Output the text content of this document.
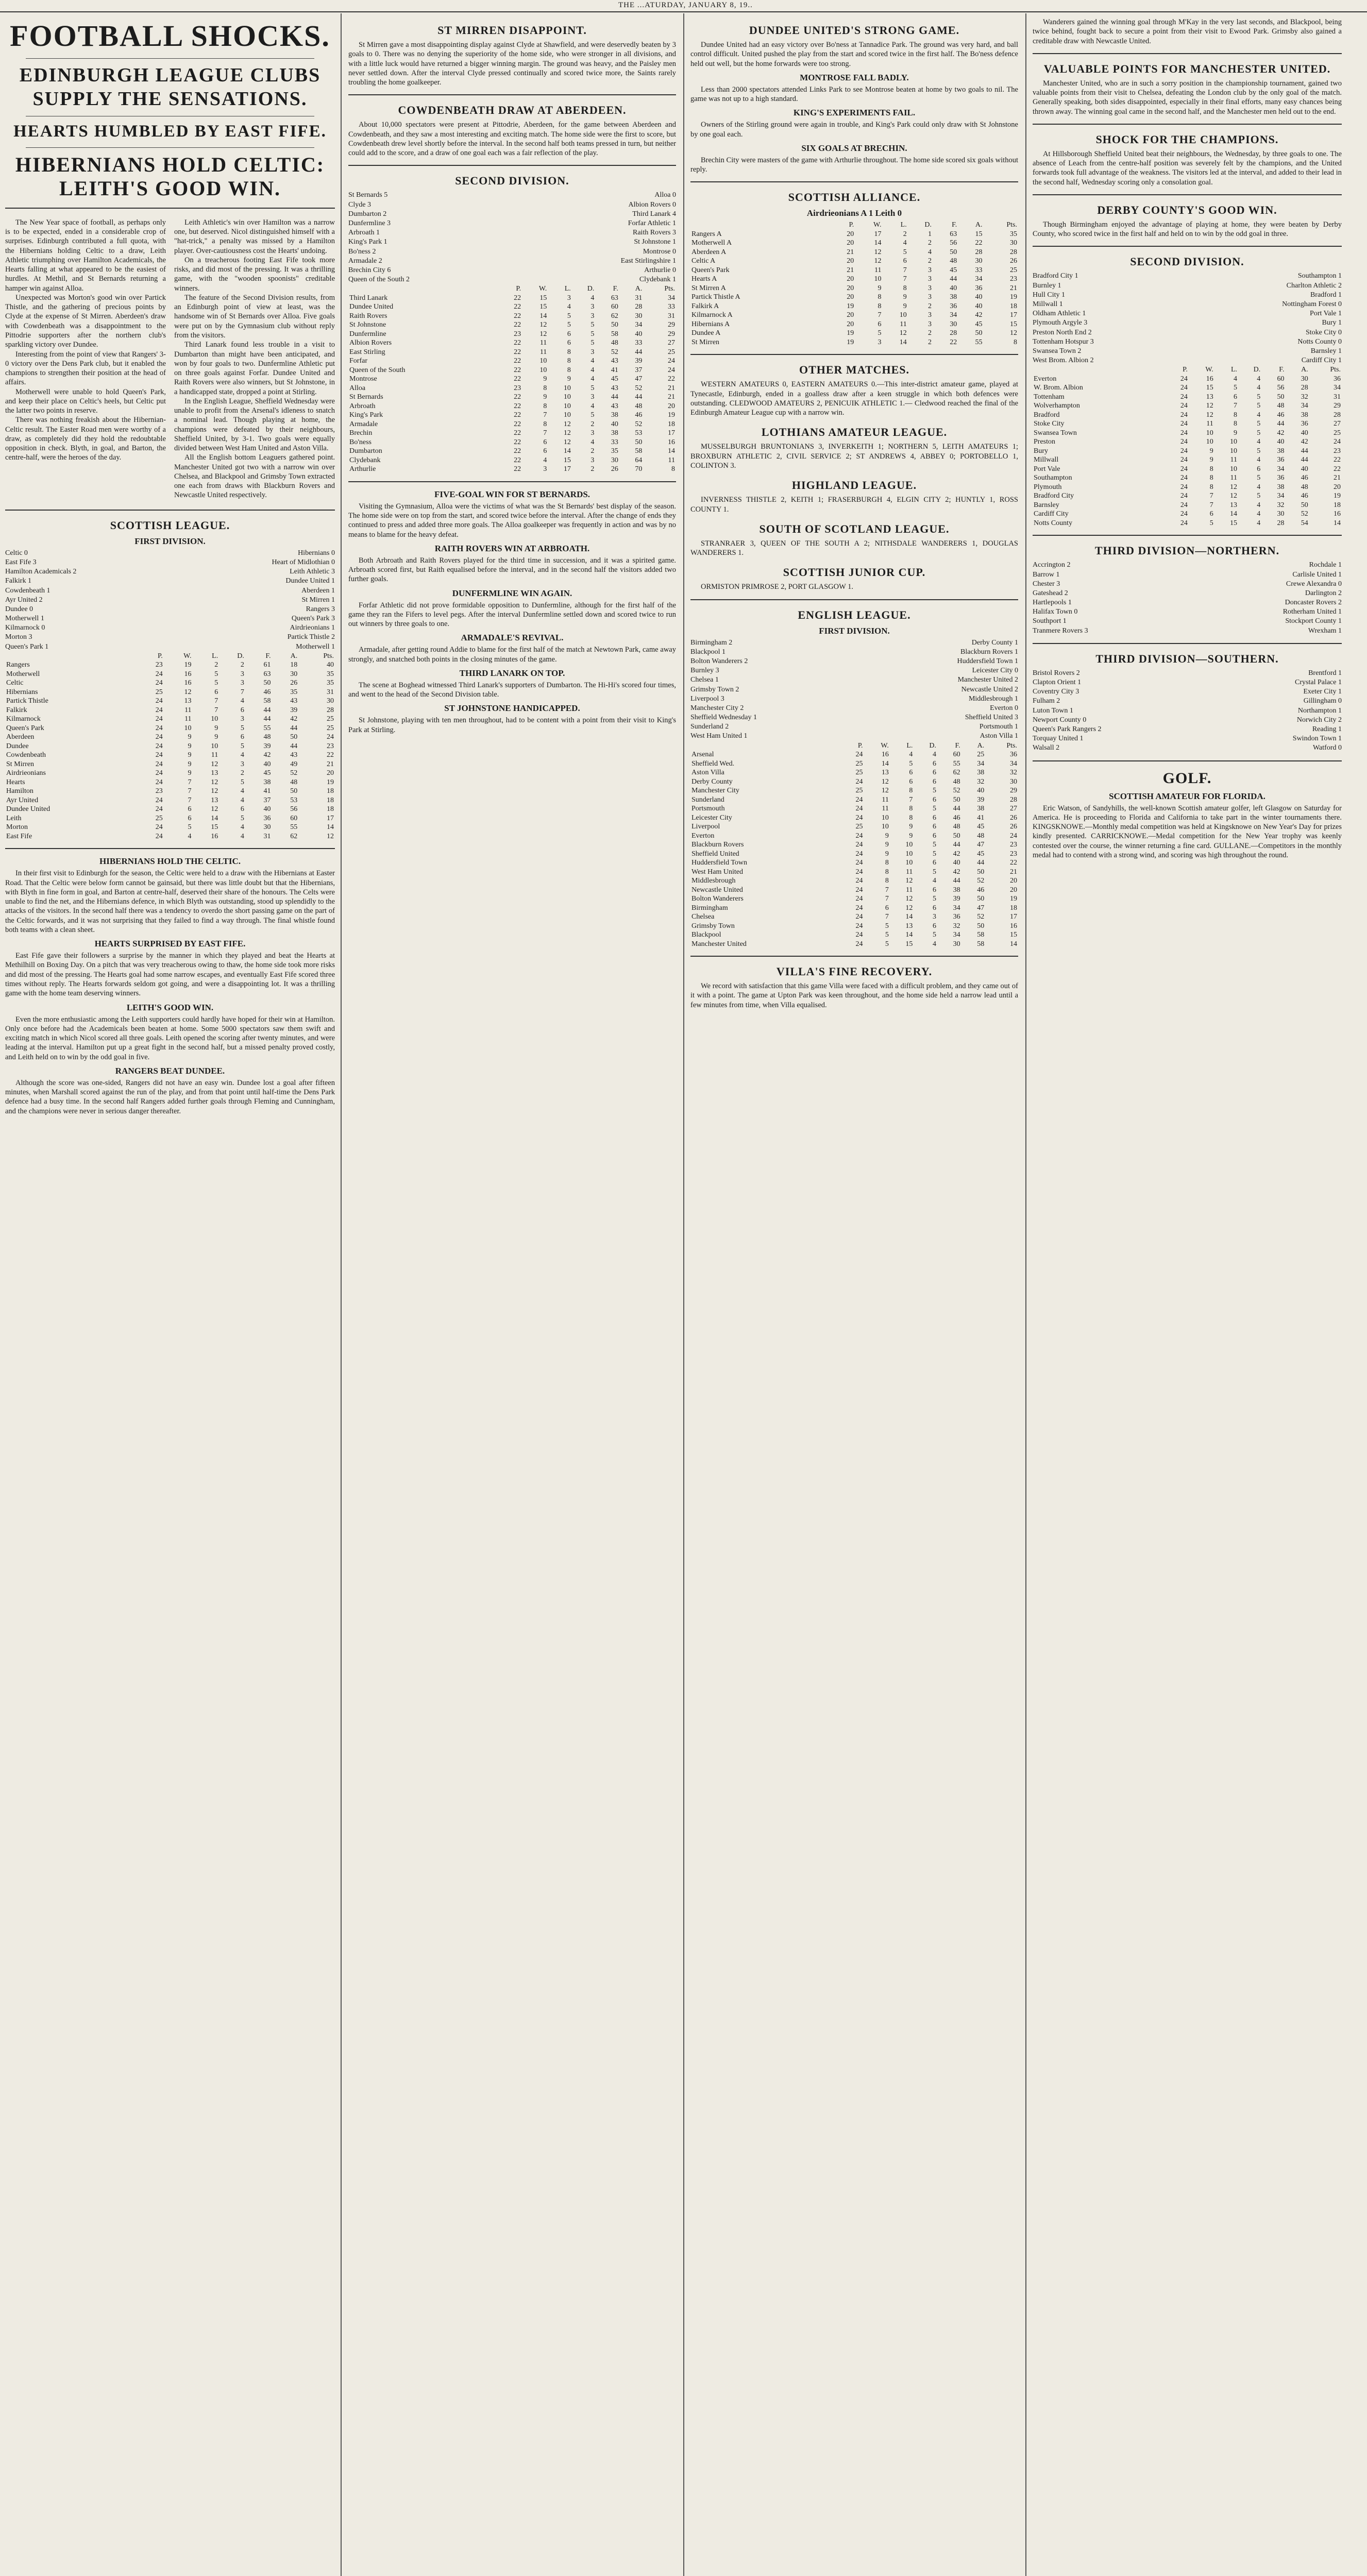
THE ...ATURDAY, JANUARY 8, 19..
FOOTBALL SHOCKS.
EDINBURGH LEAGUE CLUBS SUPPLY THE SENSATIONS.
HEARTS HUMBLED BY EAST FIFE.
HIBERNIANS HOLD CELTIC: LEITH'S GOOD WIN.

The New Year space of football, as perhaps only is to be expected, ended in a considerable crop of surprises. Edinburgh contributed a full quota, with the Hibernians holding Celtic to a draw, Leith Athletic triumphing over Hamilton Academicals, the Hearts falling at what appeared to be the easiest of hurdles. At Methil, and St Bernards returning a hamper win against Alloa.

Unexpected was Morton's good win over Partick Thistle, and the gathering of precious points by Clyde at the expense of St Mirren. Aberdeen's draw with Cowdenbeath was a disappointment to the Pittodrie supporters after the northern club's sparkling victory over Dundee.

Interesting from the point of view that Rangers' 3-0 victory over the Dens Park club, but it enabled the champions to strengthen their position at the head of affairs.

Motherwell were unable to hold Queen's Park, and keep their place on Celtic's heels, but Celtic put the latter two points in reserve.

There was nothing freakish about the Hibernian-Celtic result. The Easter Road men were worthy of a draw, as completely did they hold the redoubtable opposition in check. Blyth, in goal, and Barton, the centre-half, were the heroes of the day.

Leith Athletic's win over Hamilton was a narrow one, but deserved. Nicol distinguished himself with a "hat-trick," a penalty was missed by a Hamilton player. Over-cautiousness cost the Hearts' undoing.

On a treacherous footing East Fife took more risks, and did most of the pressing. It was a thrilling game, with the "wooden spoonists" creditable winners.

The feature of the Second Division results, from an Edinburgh point of view at least, was the handsome win of St Bernards over Alloa. Five goals were put on by the Gymnasium club without reply from the visitors.

Third Lanark found less trouble in a visit to Dumbarton than might have been anticipated, and won by four goals to two. Dunfermline Athletic put on three goals against Forfar. Dundee United and Raith Rovers were also winners, but St Johnstone, in a handicapped state, dropped a point at Stirling.

In the English League, Sheffield Wednesday were unable to profit from the Arsenal's idleness to snatch a nominal lead. Though playing at home, the champions were defeated by their neighbours, Sheffield United, by 3-1. Two goals were equally divided between West Ham United and Aston Villa.

All the English bottom Leaguers gathered point. Manchester United got two with a narrow win over Chelsea, and Blackpool and Grimsby Town extracted one each from draws with Blackburn Rovers and Newcastle United respectively.

SCOTTISH LEAGUE.
FIRST DIVISION.
Celtic 0	Hibernians 0
East Fife 3	Heart of Midlothian 0
Hamilton Academicals 2	Leith Athletic 3
Falkirk 1	Dundee United 1
Cowdenbeath 1	Aberdeen 1
Ayr United 2	St Mirren 1
Dundee 0	Rangers 3
Motherwell 1	Queen's Park 3
Kilmarnock 0	Airdrieonians 1
Morton 3	Partick Thistle 2
Queen's Park 1	Motherwell 1
	P.	W.	L.	D.	F.	A.	Pts.
Rangers	23	19	2	2	61	18	40
Motherwell	24	16	5	3	63	30	35
Celtic	24	16	5	3	50	26	35
Hibernians	25	12	6	7	46	35	31
Partick Thistle	24	13	7	4	58	43	30
Falkirk	24	11	7	6	44	39	28
Kilmarnock	24	11	10	3	44	42	25
Queen's Park	24	10	9	5	55	44	25
Aberdeen	24	9	9	6	48	50	24
Dundee	24	9	10	5	39	44	23
Cowdenbeath	24	9	11	4	42	43	22
St Mirren	24	9	12	3	40	49	21
Airdrieonians	24	9	13	2	45	52	20
Hearts	24	7	12	5	38	48	19
Hamilton	23	7	12	4	41	50	18
Ayr United	24	7	13	4	37	53	18
Dundee United	24	6	12	6	40	56	18
Leith	25	6	14	5	36	60	17
Morton	24	5	15	4	30	55	14
East Fife	24	4	16	4	31	62	12
HIBERNIANS HOLD THE CELTIC.

In their first visit to Edinburgh for the season, the Celtic were held to a draw with the Hibernians at Easter Road. That the Celtic were below form cannot be gainsaid, but there was little doubt but that the Hibernians, with Blyth in fine form in goal, and Barton at centre-half, deserved their share of the honours. The Celts were unable to find the net, and the Hibernians defence, in which Blyth was outstanding, stood up splendidly to the attacks of the visitors. In the second half there was a tendency to overdo the short passing game on the part of the Celtic forwards, and it was not surprising that they failed to find a way through. The final whistle found both teams with a clean sheet.

HEARTS SURPRISED BY EAST FIFE.

East Fife gave their followers a surprise by the manner in which they played and beat the Hearts at Methilhill on Boxing Day. On a pitch that was very treacherous owing to thaw, the home side took more risks and did most of the pressing. The Hearts goal had some narrow escapes, and eventually East Fife scored three times without reply. The Hearts forwards seldom got going, and were a disappointing lot. It was a thrilling game with the home team deserving winners.

LEITH'S GOOD WIN.

Even the more enthusiastic among the Leith supporters could hardly have hoped for their win at Hamilton. Only once before had the Academicals been beaten at home. Some 5000 spectators saw them swift and exciting match in which Nicol scored all three goals. Leith opened the scoring after twenty minutes, and were leading at the interval. Hamilton put up a great fight in the second half, but a missed penalty proved costly, and Leith held on to win by the odd goal in five.

RANGERS BEAT DUNDEE.

Although the score was one-sided, Rangers did not have an easy win. Dundee lost a goal after fifteen minutes, when Marshall scored against the run of the play, and from that point until half-time the Dens Park defence had a busy time. In the second half Rangers added further goals through Fleming and Cunningham, and the champions were never in serious danger thereafter.

ST MIRREN DISAPPOINT.

St Mirren gave a most disappointing display against Clyde at Shawfield, and were deservedly beaten by 3 goals to 0. There was no denying the superiority of the home side, who were stronger in all divisions, and with a little luck would have returned a bigger winning margin. The ground was heavy, and the Paisley men never settled down. After the interval Clyde pressed continually and scored twice more, the Saints rarely troubling the home goalkeeper.

COWDENBEATH DRAW AT ABERDEEN.

About 10,000 spectators were present at Pittodrie, Aberdeen, for the game between Aberdeen and Cowdenbeath, and they saw a most interesting and exciting match. The home side were the first to score, but Cowdenbeath drew level shortly before the interval. In the second half both teams pressed in turn, but neither could add to the score, and a draw of one goal each was a fair reflection of the play.

SECOND DIVISION.
St Bernards 5	Alloa 0
Clyde 3	Albion Rovers 0
Dumbarton 2	Third Lanark 4
Dunfermline 3	Forfar Athletic 1
Arbroath 1	Raith Rovers 3
King's Park 1	St Johnstone 1
Bo'ness 2	Montrose 0
Armadale 2	East Stirlingshire 1
Brechin City 6	Arthurlie 0
Queen of the South 2	Clydebank 1
	P.	W.	L.	D.	F.	A.	Pts.
Third Lanark	22	15	3	4	63	31	34
Dundee United	22	15	4	3	60	28	33
Raith Rovers	22	14	5	3	62	30	31
St Johnstone	22	12	5	5	50	34	29
Dunfermline	23	12	6	5	58	40	29
Albion Rovers	22	11	6	5	48	33	27
East Stirling	22	11	8	3	52	44	25
Forfar	22	10	8	4	43	39	24
Queen of the South	22	10	8	4	41	37	24
Montrose	22	9	9	4	45	47	22
Alloa	23	8	10	5	43	52	21
St Bernards	22	9	10	3	44	44	21
Arbroath	22	8	10	4	43	48	20
King's Park	22	7	10	5	38	46	19
Armadale	22	8	12	2	40	52	18
Brechin	22	7	12	3	38	53	17
Bo'ness	22	6	12	4	33	50	16
Dumbarton	22	6	14	2	35	58	14
Clydebank	22	4	15	3	30	64	11
Arthurlie	22	3	17	2	26	70	8
FIVE-GOAL WIN FOR ST BERNARDS.

Visiting the Gymnasium, Alloa were the victims of what was the St Bernards' best display of the season. The home side were on top from the start, and scored twice before the interval. After the change of ends they continued to press and added three more goals. The Alloa goalkeeper was frequently in action and was by no means to blame for the heavy defeat.

RAITH ROVERS WIN AT ARBROATH.

Both Arbroath and Raith Rovers played for the third time in succession, and it was a spirited game. Arbroath scored first, but Raith equalised before the interval, and in the second half the visitors added two further goals.

DUNFERMLINE WIN AGAIN.

Forfar Athletic did not prove formidable opposition to Dunfermline, although for the first half of the game they ran the Fifers to level pegs. After the interval Dunfermline settled down and scored twice to run out winners by three goals to one.

ARMADALE'S REVIVAL.

Armadale, after getting round Addie to blame for the first half of the match at Newtown Park, came away strongly, and snatched both points in the closing minutes of the game.

THIRD LANARK ON TOP.

The scene at Boghead witnessed Third Lanark's supporters of Dumbarton. The Hi-Hi's scored four times, and went to the head of the Second Division table.

ST JOHNSTONE HANDICAPPED.

St Johnstone, playing with ten men throughout, had to be content with a point from their visit to King's Park at Stirling.

DUNDEE UNITED'S STRONG GAME.

Dundee United had an easy victory over Bo'ness at Tannadice Park. The ground was very hard, and ball control difficult. United pushed the play from the start and scored twice in the first half. The Bo'ness defence held out well, but the home forwards were too strong.

MONTROSE FALL BADLY.

Less than 2000 spectators attended Links Park to see Montrose beaten at home by two goals to nil. The game was not up to a high standard.

KING'S EXPERIMENTS FAIL.

Owners of the Stirling ground were again in trouble, and King's Park could only draw with St Johnstone by one goal each.

SIX GOALS AT BRECHIN.

Brechin City were masters of the game with Arthurlie throughout. The home side scored six goals without reply.

SCOTTISH ALLIANCE.
Airdrieonians A 1 Leith 0
	P.	W.	L.	D.	F.	A.	Pts.
Rangers A	20	17	2	1	63	15	35
Motherwell A	20	14	4	2	56	22	30
Aberdeen A	21	12	5	4	50	28	28
Celtic A	20	12	6	2	48	30	26
Queen's Park	21	11	7	3	45	33	25
Hearts A	20	10	7	3	44	34	23
St Mirren A	20	9	8	3	40	36	21
Partick Thistle A	20	8	9	3	38	40	19
Falkirk A	19	8	9	2	36	40	18
Kilmarnock A	20	7	10	3	34	42	17
Hibernians A	20	6	11	3	30	45	15
Dundee A	19	5	12	2	28	50	12
St Mirren	19	3	14	2	22	55	8
OTHER MATCHES.

WESTERN AMATEURS 0, EASTERN AMATEURS 0.—This inter-district amateur game, played at Tynecastle, Edinburgh, ended in a goalless draw after a keen struggle in which both defences were outstanding. CLEDWOOD AMATEURS 2, PENICUIK ATHLETIC 1.— Cledwood reached the final of the Edinburgh Amateur League cup with a narrow win.

LOTHIANS AMATEUR LEAGUE.

MUSSELBURGH BRUNTONIANS 3, INVERKEITH 1; NORTHERN 5, LEITH AMATEURS 1; BROXBURN ATHLETIC 2, CIVIL SERVICE 2; ST ANDREWS 4, ABBEY 0; PORTOBELLO 1, COLINTON 3.

HIGHLAND LEAGUE.

INVERNESS THISTLE 2, KEITH 1; FRASERBURGH 4, ELGIN CITY 2; HUNTLY 1, ROSS COUNTY 1.

SOUTH OF SCOTLAND LEAGUE.

STRANRAER 3, QUEEN OF THE SOUTH A 2; NITHSDALE WANDERERS 1, DOUGLAS WANDERERS 1.

SCOTTISH JUNIOR CUP.

ORMISTON PRIMROSE 2, PORT GLASGOW 1.

ENGLISH LEAGUE.
FIRST DIVISION.
Birmingham 2	Derby County 1
Blackpool 1	Blackburn Rovers 1
Bolton Wanderers 2	Huddersfield Town 1
Burnley 3	Leicester City 0
Chelsea 1	Manchester United 2
Grimsby Town 2	Newcastle United 2
Liverpool 3	Middlesbrough 1
Manchester City 2	Everton 0
Sheffield Wednesday 1	Sheffield United 3
Sunderland 2	Portsmouth 1
West Ham United 1	Aston Villa 1
	P.	W.	L.	D.	F.	A.	Pts.
Arsenal	24	16	4	4	60	25	36
Sheffield Wed.	25	14	5	6	55	34	34
Aston Villa	25	13	6	6	62	38	32
Derby County	24	12	6	6	48	32	30
Manchester City	25	12	8	5	52	40	29
Sunderland	24	11	7	6	50	39	28
Portsmouth	24	11	8	5	44	38	27
Leicester City	24	10	8	6	46	41	26
Liverpool	25	10	9	6	48	45	26
Everton	24	9	9	6	50	48	24
Blackburn Rovers	24	9	10	5	44	47	23
Sheffield United	24	9	10	5	42	45	23
Huddersfield Town	24	8	10	6	40	44	22
West Ham United	24	8	11	5	42	50	21
Middlesbrough	24	8	12	4	44	52	20
Newcastle United	24	7	11	6	38	46	20
Bolton Wanderers	24	7	12	5	39	50	19
Birmingham	24	6	12	6	34	47	18
Chelsea	24	7	14	3	36	52	17
Grimsby Town	24	5	13	6	32	50	16
Blackpool	24	5	14	5	34	58	15
Manchester United	24	5	15	4	30	58	14
VILLA'S FINE RECOVERY.

We record with satisfaction that this game Villa were faced with a difficult problem, and they came out of it with a point. The game at Upton Park was keen throughout, and the home side held a narrow lead until a few minutes from time, when Villa equalised.

Wanderers gained the winning goal through M'Kay in the very last seconds, and Blackpool, being twice behind, fought back to secure a point from their visit to Ewood Park. Grimsby also gained a creditable draw with Newcastle United.

VALUABLE POINTS FOR MANCHESTER UNITED.

Manchester United, who are in such a sorry position in the championship tournament, gained two valuable points from their visit to Chelsea, defeating the London club by the only goal of the match. Generally speaking, both sides disappointed, especially in their final efforts, many easy chances being thrown away. The winning goal came in the second half, and the Manchester men held out to the end.

SHOCK FOR THE CHAMPIONS.

At Hillsborough Sheffield United beat their neighbours, the Wednesday, by three goals to one. The absence of Leach from the centre-half position was severely felt by the champions, and the United forwards took full advantage of the weakness. The visitors led at the interval, and added to their lead in the second half, Wednesday scoring only a consolation goal.

DERBY COUNTY'S GOOD WIN.

Though Birmingham enjoyed the advantage of playing at home, they were beaten by Derby County, who scored twice in the first half and held on to win by the odd goal in three.

SECOND DIVISION.
Bradford City 1	Southampton 1
Burnley 1	Charlton Athletic 2
Hull City 1	Bradford 1
Millwall 1	Nottingham Forest 0
Oldham Athletic 1	Port Vale 1
Plymouth Argyle 3	Bury 1
Preston North End 2	Stoke City 0
Tottenham Hotspur 3	Notts County 0
Swansea Town 2	Barnsley 1
West Brom. Albion 2	Cardiff City 1
	P.	W.	L.	D.	F.	A.	Pts.
Everton	24	16	4	4	60	30	36
W. Brom. Albion	24	15	5	4	56	28	34
Tottenham	24	13	6	5	50	32	31
Wolverhampton	24	12	7	5	48	34	29
Bradford	24	12	8	4	46	38	28
Stoke City	24	11	8	5	44	36	27
Swansea Town	24	10	9	5	42	40	25
Preston	24	10	10	4	40	42	24
Bury	24	9	10	5	38	44	23
Millwall	24	9	11	4	36	44	22
Port Vale	24	8	10	6	34	40	22
Southampton	24	8	11	5	36	46	21
Plymouth	24	8	12	4	38	48	20
Bradford City	24	7	12	5	34	46	19
Barnsley	24	7	13	4	32	50	18
Cardiff City	24	6	14	4	30	52	16
Notts County	24	5	15	4	28	54	14
THIRD DIVISION—NORTHERN.
Accrington 2	Rochdale 1
Barrow 1	Carlisle United 1
Chester 3	Crewe Alexandra 0
Gateshead 2	Darlington 2
Hartlepools 1	Doncaster Rovers 2
Halifax Town 0	Rotherham United 1
Southport 1	Stockport County 1
Tranmere Rovers 3	Wrexham 1
THIRD DIVISION—SOUTHERN.
Bristol Rovers 2	Brentford 1
Clapton Orient 1	Crystal Palace 1
Coventry City 3	Exeter City 1
Fulham 2	Gillingham 0
Luton Town 1	Northampton 1
Newport County 0	Norwich City 2
Queen's Park Rangers 2	Reading 1
Torquay United 1	Swindon Town 1
Walsall 2	Watford 0
GOLF.
SCOTTISH AMATEUR FOR FLORIDA.

Eric Watson, of Sandyhills, the well-known Scottish amateur golfer, left Glasgow on Saturday for America. He is proceeding to Florida and California to take part in the winter tournaments there. KINGSKNOWE.—Monthly medal competition was held at Kingsknowe on New Year's Day for prizes kindly presented. CARRICKNOWE.—Medal competition for the New Year trophy was keenly contested over the course, the winner returning a fine card. GULLANE.—Competitors in the monthly medal had to contend with a strong wind, and scoring was high throughout the round.
